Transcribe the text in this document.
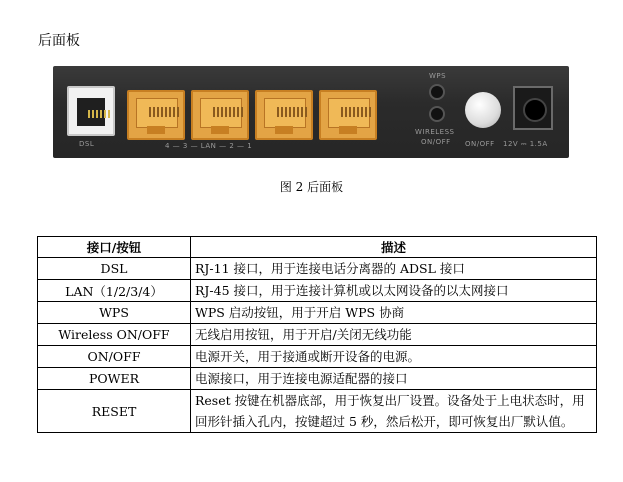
后面板
DSL	4 — 3 — LAN — 2 — 1
WPS
WIRELESS
ON/OFF ON/OFF 12V ⎓ 1.5A
图 2 后面板
接口/按钮	描述
DSL	RJ-11 接口，用于连接电话分离器的 ADSL 接口
LAN（1/2/3/4）	RJ-45 接口，用于连接计算机或以太网设备的以太网接口
WPS	WPS 启动按钮，用于开启 WPS 协商
Wireless ON/OFF	无线启用按钮，用于开启/关闭无线功能
ON/OFF	电源开关，用于接通或断开设备的电源。
POWER	电源接口，用于连接电源适配器的接口
RESET	Reset 按键在机器底部，用于恢复出厂设置。设备处于上电状态时，用回形针插入孔内，按键超过 5 秒，然后松开，即可恢复出厂默认值。
